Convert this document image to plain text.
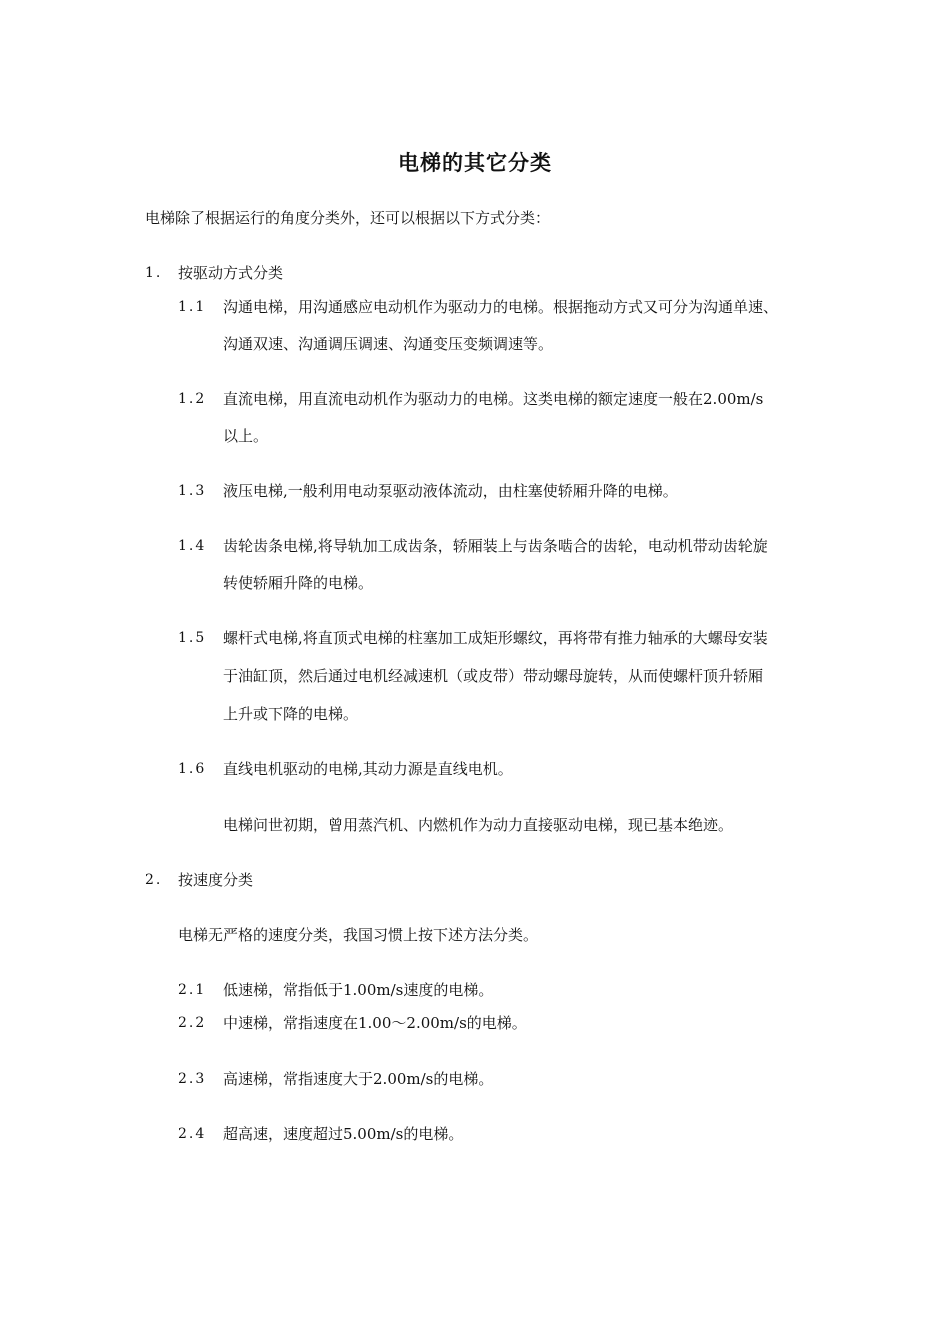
电梯的其它分类
电梯除了根据运行的角度分类外，还可以根据以下方式分类：
1. 按驱动方式分类
1.1 沟通电梯，用沟通感应电动机作为驱动力的电梯。根据拖动方式又可分为沟通单速、
沟通双速、沟通调压调速、沟通变压变频调速等。
1.2 直流电梯，用直流电动机作为驱动力的电梯。这类电梯的额定速度一般在2.00m/s
以上。
1.3 液压电梯,一般利用电动泵驱动液体流动，由柱塞使轿厢升降的电梯。
1.4 齿轮齿条电梯,将导轨加工成齿条，轿厢装上与齿条啮合的齿轮，电动机带动齿轮旋
转使轿厢升降的电梯。
1.5 螺杆式电梯,将直顶式电梯的柱塞加工成矩形螺纹，再将带有推力轴承的大螺母安装
于油缸顶，然后通过电机经减速机（或皮带）带动螺母旋转，从而使螺杆顶升轿厢
上升或下降的电梯。
1.6 直线电机驱动的电梯,其动力源是直线电机。
电梯问世初期，曾用蒸汽机、内燃机作为动力直接驱动电梯，现已基本绝迹。
2. 按速度分类
电梯无严格的速度分类，我国习惯上按下述方法分类。
2.1 低速梯，常指低于1.00m/s速度的电梯。
2.2 中速梯，常指速度在1.00～2.00m/s的电梯。
2.3 高速梯，常指速度大于2.00m/s的电梯。
2.4 超高速，速度超过5.00m/s的电梯。
